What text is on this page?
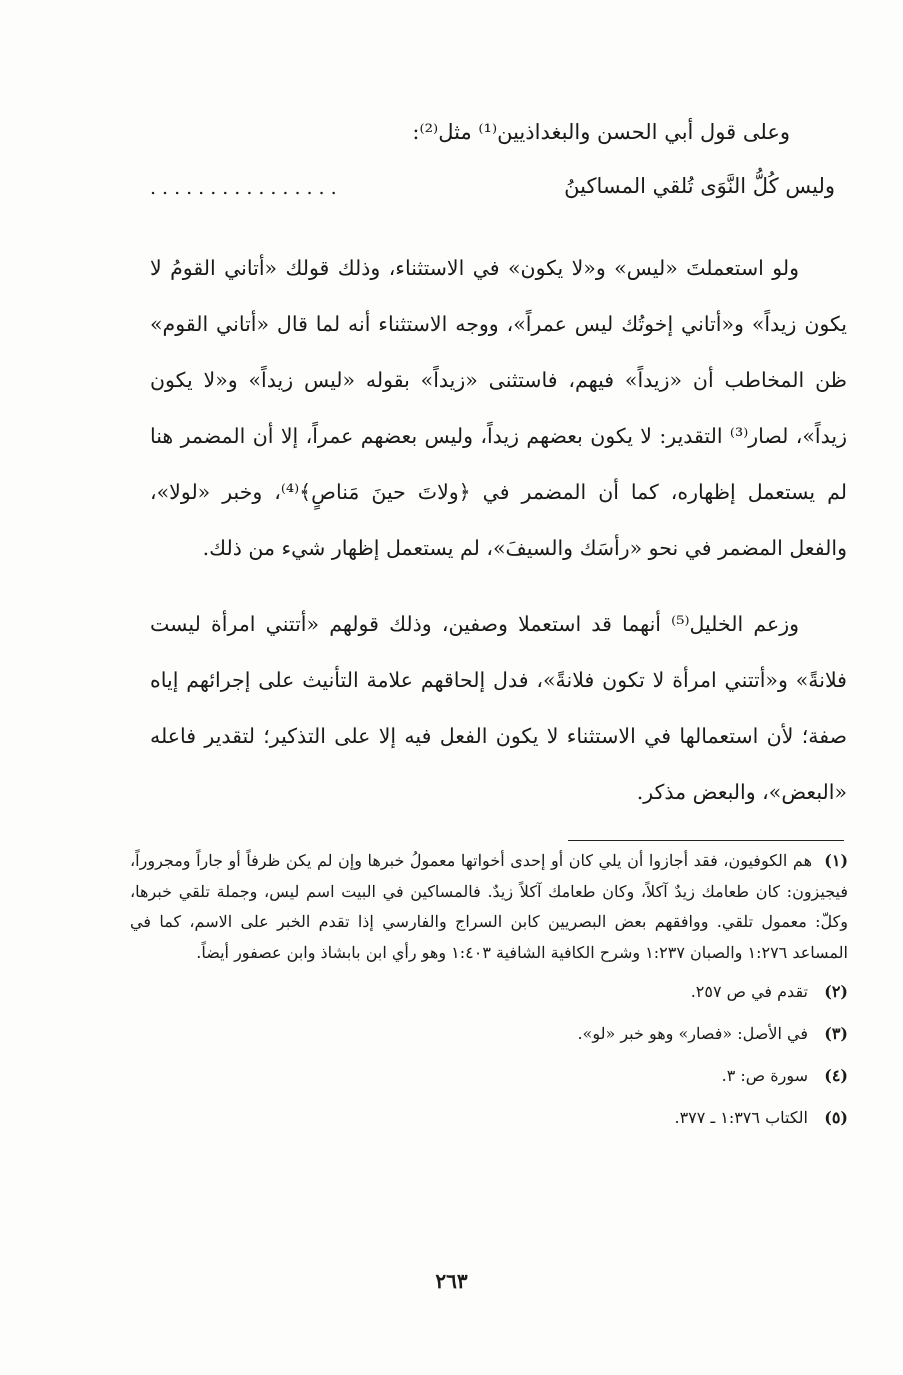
وعلى قول أبي الحسن والبغداذيين⁽¹⁾ مثل⁽²⁾:
وليس كُلُّ النَّوَى تُلقي المساكينُ
................

ولو استعملتَ «ليس» و«لا يكون» في الاستثناء، وذلك قولك «أتاني القومُ لا يكون زيداً» و«أتاني إخوتُك ليس عمراً»، ووجه الاستثناء أنه لما قال «أتاني القوم» ظن المخاطب أن «زيداً» فيهم، فاستثنى «زيداً» بقوله «ليس زيداً» و«لا يكون زيداً»، لصار⁽³⁾ التقدير: لا يكون بعضهم زيداً، وليس بعضهم عمراً، إلا أن المضمر هنا لم يستعمل إظهاره، كما أن المضمر في ﴿ولاتَ حينَ مَناصٍ﴾⁽⁴⁾، وخبر «لولا»، والفعل المضمر في نحو «رأسَك والسيفَ»، لم يستعمل إظهار شيء من ذلك.

وزعم الخليل⁽⁵⁾ أنهما قد استعملا وصفين، وذلك قولهم «أتتني امرأة ليست فلانةً» و«أتتني امرأة لا تكون فلانةً»، فدل إلحاقهم علامة التأنيث على إجرائهم إياه صفة؛ لأن استعمالها في الاستثناء لا يكون الفعل فيه إلا على التذكير؛ لتقدير فاعله «البعض»، والبعض مذكر.

(١)هم الكوفيون، فقد أجازوا أن يلي كان أو إحدى أخواتها معمولُ خبرها وإن لم يكن ظرفاً أو جاراً ومجروراً، فيجيزون: كان طعامك زيدٌ آكلاً، وكان طعامك آكلاً زيدٌ. فالمساكين في البيت اسم ليس، وجملة تلقي خبرها، وكلّ: معمول تلقي. ووافقهم بعض البصريين كابن السراج والفارسي إذا تقدم الخبر على الاسم، كما في المساعد ١:٢٧٦ والصبان ١:٢٣٧ وشرح الكافية الشافية ١:٤٠٣ وهو رأي ابن بابشاذ وابن عصفور أيضاً.
(٢)تقدم في ص ٢٥٧.
(٣)في الأصل: «فصار» وهو خبر «لو».
(٤)سورة ص: ٣.
(٥)الكتاب ١:٣٧٦ ـ ٣٧٧.
٢٦٣
